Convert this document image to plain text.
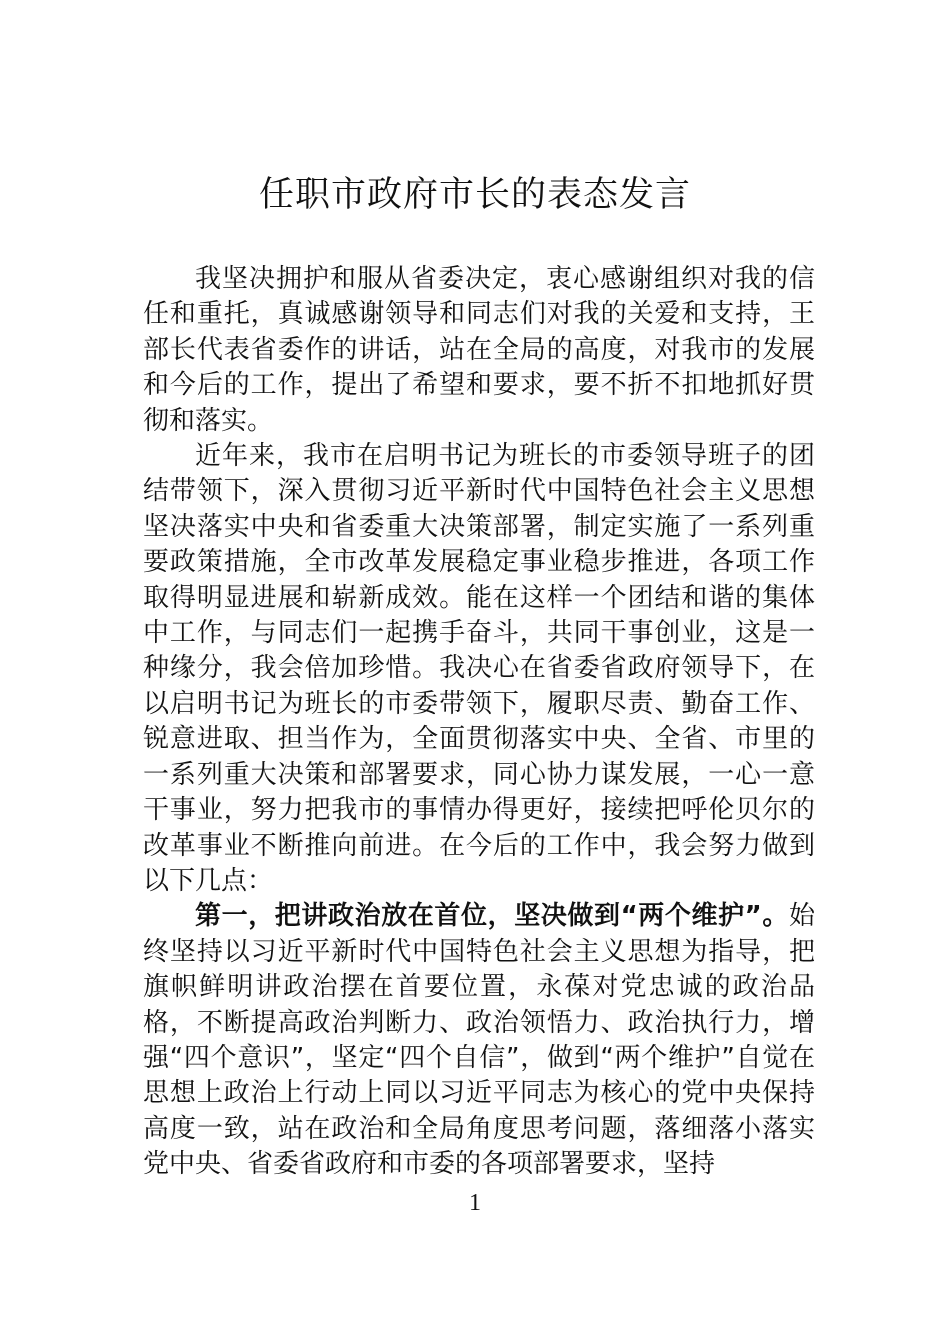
任职市政府市长的表态发言

我坚决拥护和服从省委决定，衷心感谢组织对我的信任和重托，真诚感谢领导和同志们对我的关爱和支持，王部长代表省委作的讲话，站在全局的高度，对我市的发展和今后的工作，提出了希望和要求，要不折不扣地抓好贯彻和落实。

近年来，我市在启明书记为班长的市委领导班子的团结带领下，深入贯彻习近平新时代中国特色社会主义思想坚决落实中央和省委重大决策部署，制定实施了一系列重要政策措施，全市改革发展稳定事业稳步推进，各项工作取得明显进展和崭新成效。能在这样一个团结和谐的集体中工作，与同志们一起携手奋斗，共同干事创业，这是一种缘分，我会倍加珍惜。我决心在省委省政府领导下，在以启明书记为班长的市委带领下，履职尽责、勤奋工作、锐意进取、担当作为，全面贯彻落实中央、全省、市里的一系列重大决策和部署要求，同心协力谋发展，一心一意干事业，努力把我市的事情办得更好，接续把呼伦贝尔的改革事业不断推向前进。在今后的工作中，我会努力做到以下几点：

第一，把讲政治放在首位，坚决做到“两个维护”。始终坚持以习近平新时代中国特色社会主义思想为指导，把旗帜鲜明讲政治摆在首要位置，永葆对党忠诚的政治品格，不断提高政治判断力、政治领悟力、政治执行力，增强“四个意识”，坚定“四个自信”，做到“两个维护”自觉在思想上政治上行动上同以习近平同志为核心的党中央保持高度一致，站在政治和全局角度思考问题，落细落小落实党中央、省委省政府和市委的各项部署要求，坚持

1
